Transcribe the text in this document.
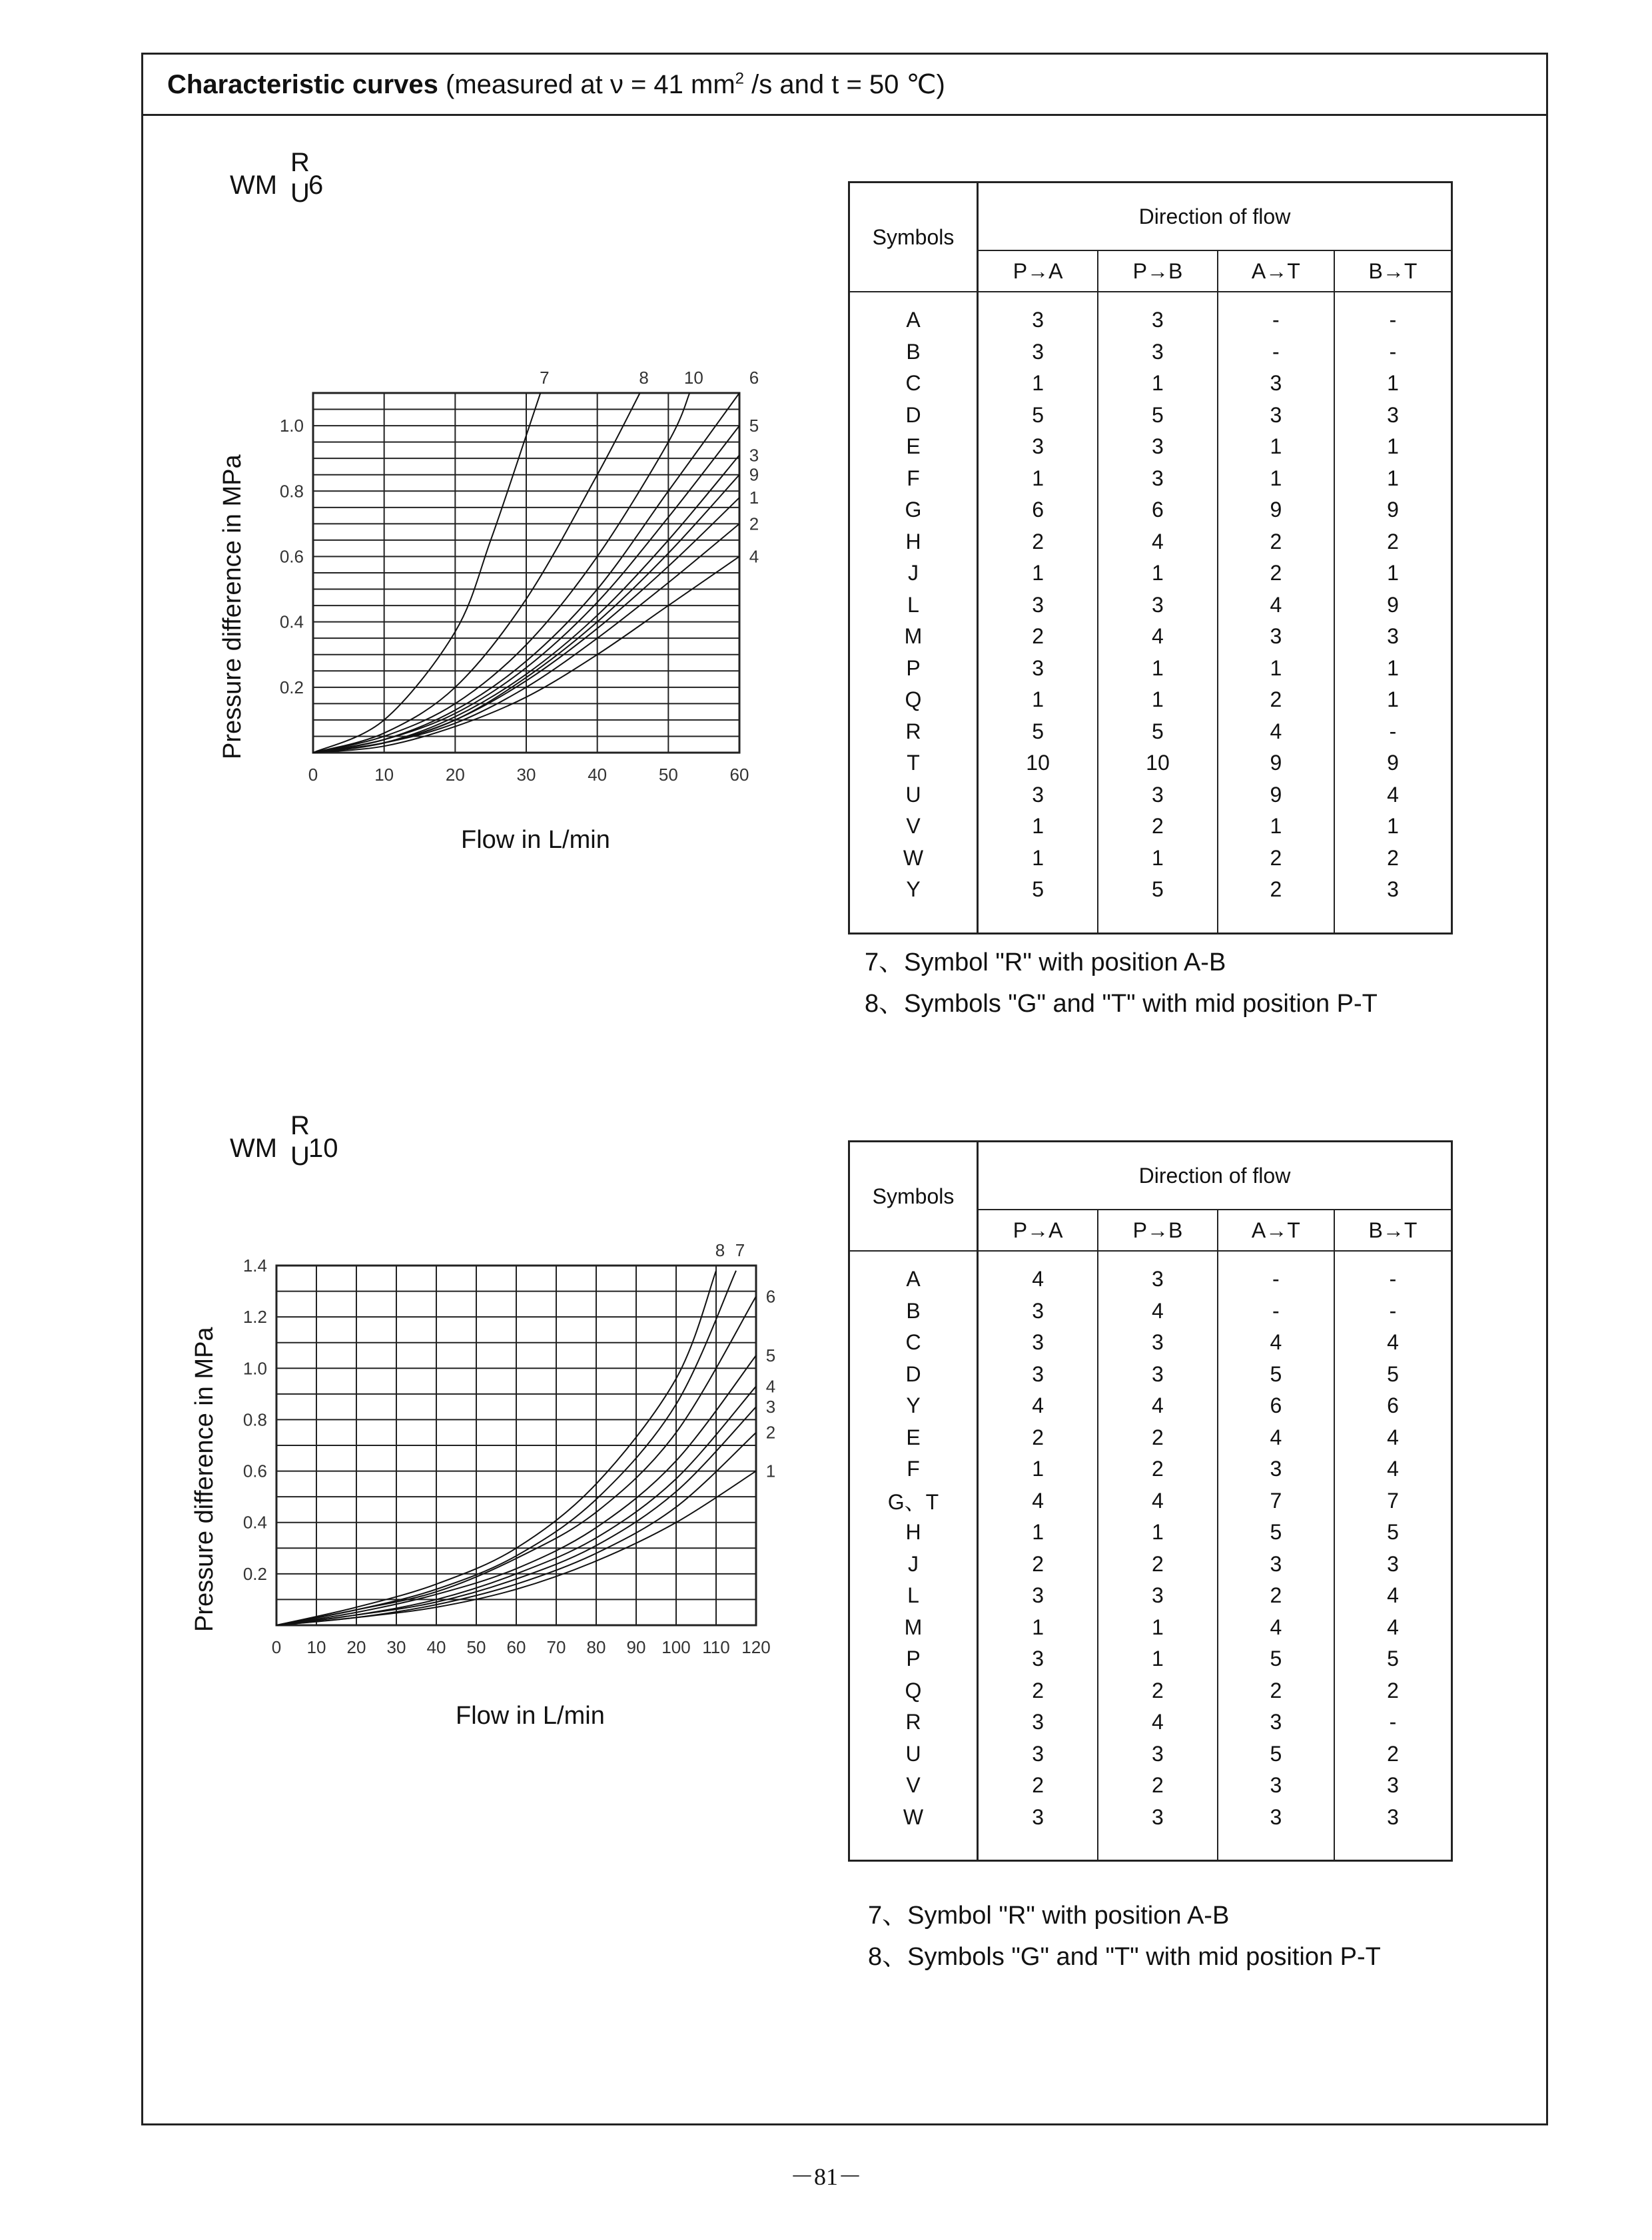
Characteristic curves (measured at ν = 41 $mm^2$ /s and t = 50 ℃)
WM
R
U
6
0	10	20	30	40	50	60
1.0
0.8
0.6
0.4
0.2
7	8 10	6
5
3
9
1
2
4
Pressure difference in MPa
Flow in L/min
Symbols	Direction of flow			
	P→A	P→B	A→T	B→T

A	3	3	-	-
B	3	3	-	-
C	1	1	3	1
D	5	5	3	3
E	3	3	1	1
F	1	3	1	1
G	6	6	9	9
H	2	4	2	2
J	1	1	2	1
L	3	3	4	9
M	2	4	3	3
P	3	1	1	1
Q	1	1	2	1
R	5	5	4	-
T	10	10	9	9
U	3	3	9	4
V	1	2	1	1
W	1	1	2	2
Y	5	5	2	3

7、Symbol "R" with position A-B
8、Symbols "G" and "T" with mid position P-T
WM
R
U
10
0 10 20 30 40 50 60 70 80 90 100 110 120
1.4
1.2
1.0
0.8
0.6
0.4
0.2
8 7
6
5
4
3
2
1
Pressure difference in MPa
Flow in L/min
Symbols	Direction of flow			
	P→A	P→B	A→T	B→T

A	4	3	-	-
B	3	4	-	-
C	3	3	4	4
D	3	3	5	5
Y	4	4	6	6
E	2	2	4	4
F	1	2	3	4
G、T	4	4	7	7
H	1	1	5	5
J	2	2	3	3
L	3	3	2	4
M	1	1	4	4
P	3	1	5	5
Q	2	2	2	2
R	3	4	3	-
U	3	3	5	2
V	2	2	3	3
W	3	3	3	3

7、Symbol "R" with position A-B
8、Symbols "G" and "T" with mid position P-T
－81－
